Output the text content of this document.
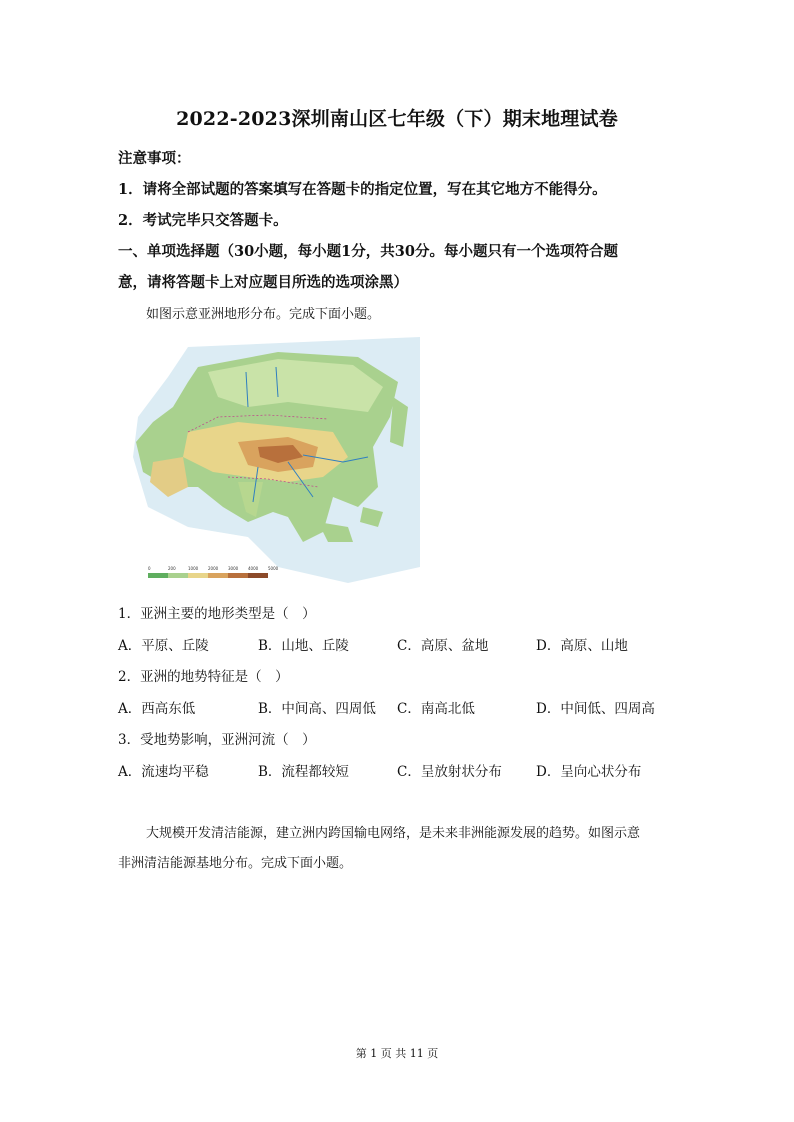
2022-2023深圳南山区七年级（下）期末地理试卷
注意事项：
1．请将全部试题的答案填写在答题卡的指定位置，写在其它地方不能得分。
2．考试完毕只交答题卡。
一、单项选择题（30小题，每小题1分，共30分。每小题只有一个选项符合题
意，请将答题卡上对应题目所选的选项涂黑）
如图示意亚洲地形分布。完成下面小题。
0	200	1000 2000 3000 4000 5000
1．亚洲主要的地形类型是（　）
A．平原、丘陵	B．山地、丘陵	C．高原、盆地	D．高原、山地
2．亚洲的地势特征是（　）
A．西高东低	B．中间高、四周低 C．南高北低	D．中间低、四周高
3．受地势影响，亚洲河流（　）
A．流速均平稳	B．流程都较短	C．呈放射状分布	D．呈向心状分布
大规模开发清洁能源，建立洲内跨国输电网络，是未来非洲能源发展的趋势。如图示意
非洲清洁能源基地分布。完成下面小题。
第 1 页 共 11 页
